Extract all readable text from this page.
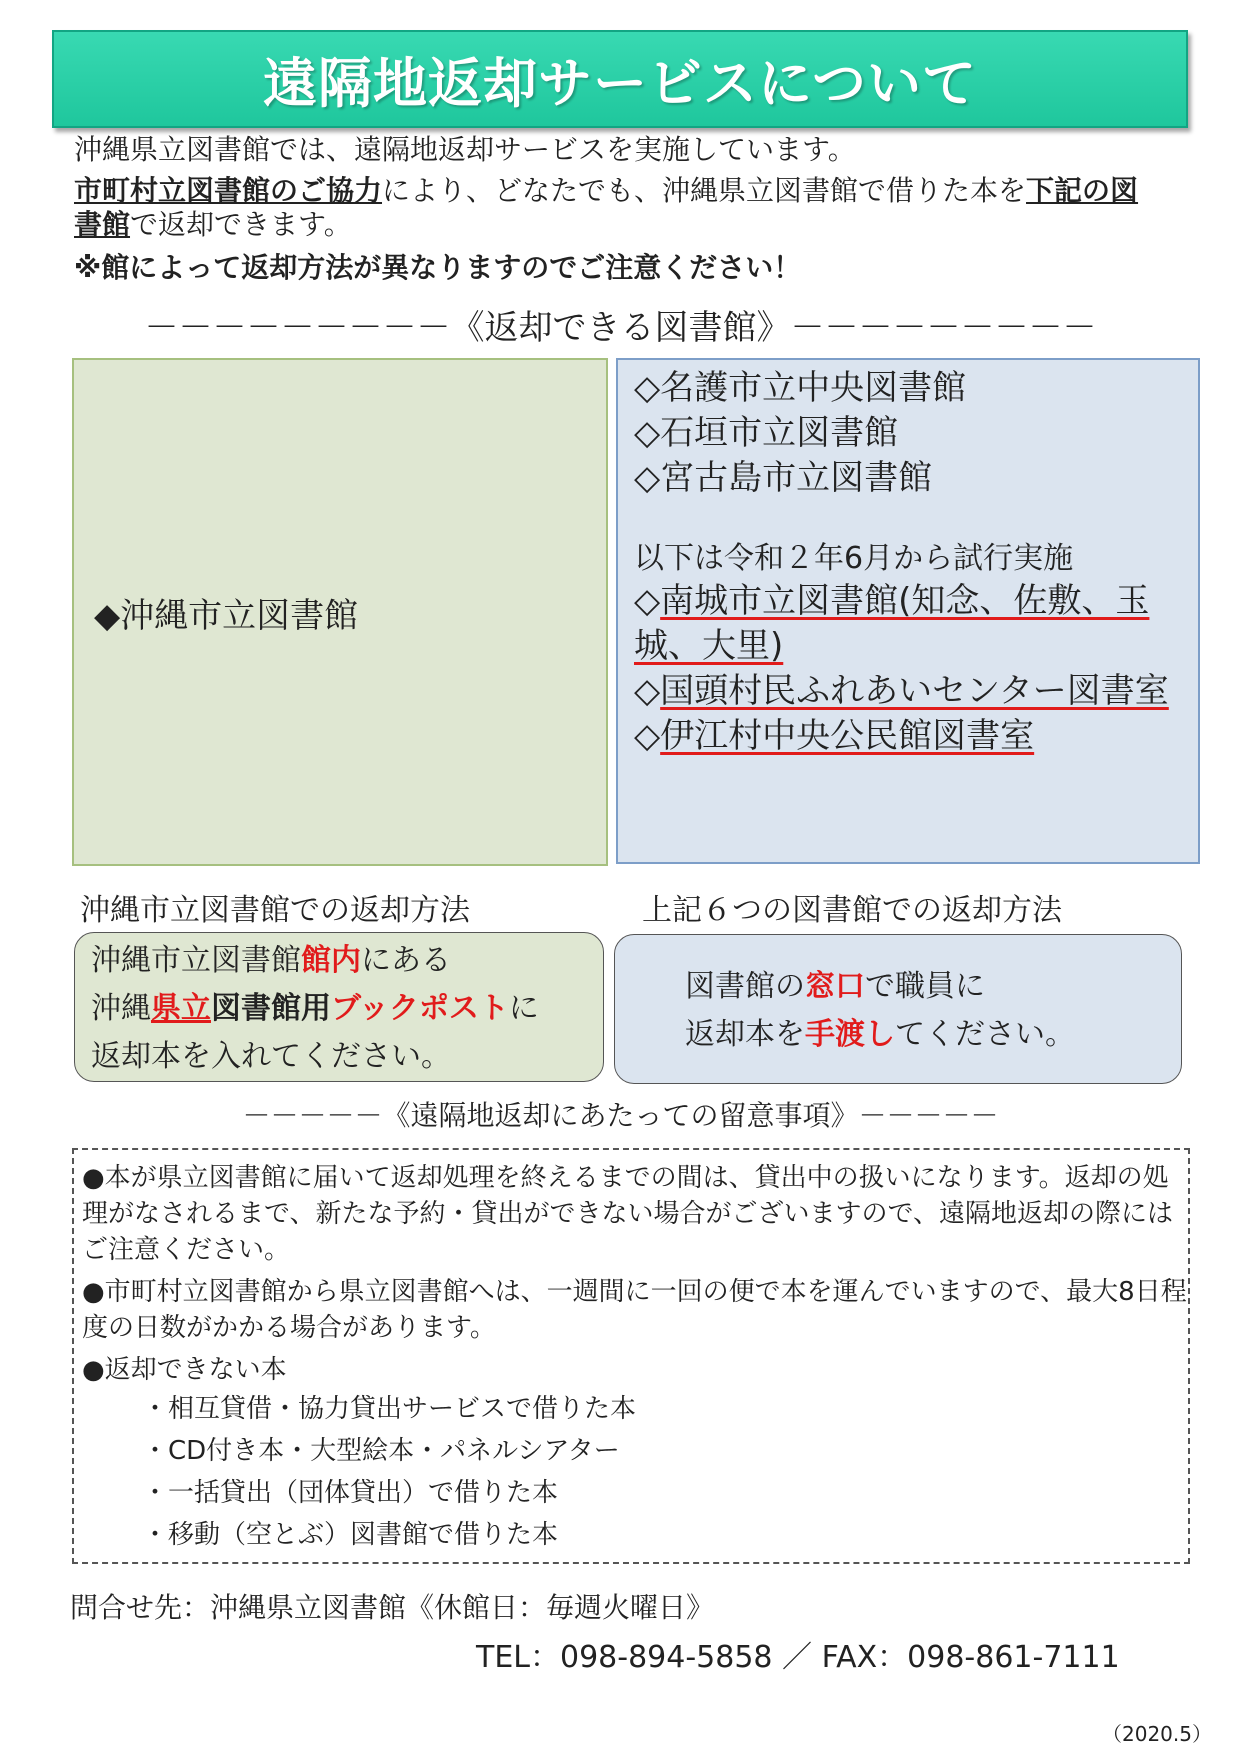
遠隔地返却サービスについて

沖縄県立図書館では、遠隔地返却サービスを実施しています。

市町村立図書館のご協力により、どなたでも、沖縄県立図書館で借りた本を下記の図書館で返却できます。

※館によって返却方法が異なりますのでご注意ください！

－－－－－－－－－《返却できる図書館》－－－－－－－－－
◆沖縄市立図書館
◇名護市立中央図書館
◇石垣市立図書館
◇宮古島市立図書館
以下は令和２年6月から試行実施
◇南城市立図書館(知念、佐敷、玉城、大里)
◇国頭村民ふれあいセンター図書室
◇伊江村中央公民館図書室
沖縄市立図書館での返却方法	上記６つの図書館での返却方法
沖縄市立図書館館内にある
沖縄県立図書館用ブックポストに
返却本を入れてください。
図書館の窓口で職員に
返却本を手渡してください。
－－－－－《遠隔地返却にあたっての留意事項》－－－－－

●本が県立図書館に届いて返却処理を終えるまでの間は、貸出中の扱いになります。返却の処理がなされるまで、新たな予約・貸出ができない場合がございますので、遠隔地返却の際にはご注意ください。

●市町村立図書館から県立図書館へは、一週間に一回の便で本を運んでいますので、最大8日程度の日数がかかる場合があります。

●返却できない本

・相互貸借・協力貸出サービスで借りた本

・CD付き本・大型絵本・パネルシアター

・一括貸出（団体貸出）で借りた本

・移動（空とぶ）図書館で借りた本

問合せ先：沖縄県立図書館《休館日：毎週火曜日》
TEL：098-894-5858 ／ FAX：098-861-7111
（2020.5）
